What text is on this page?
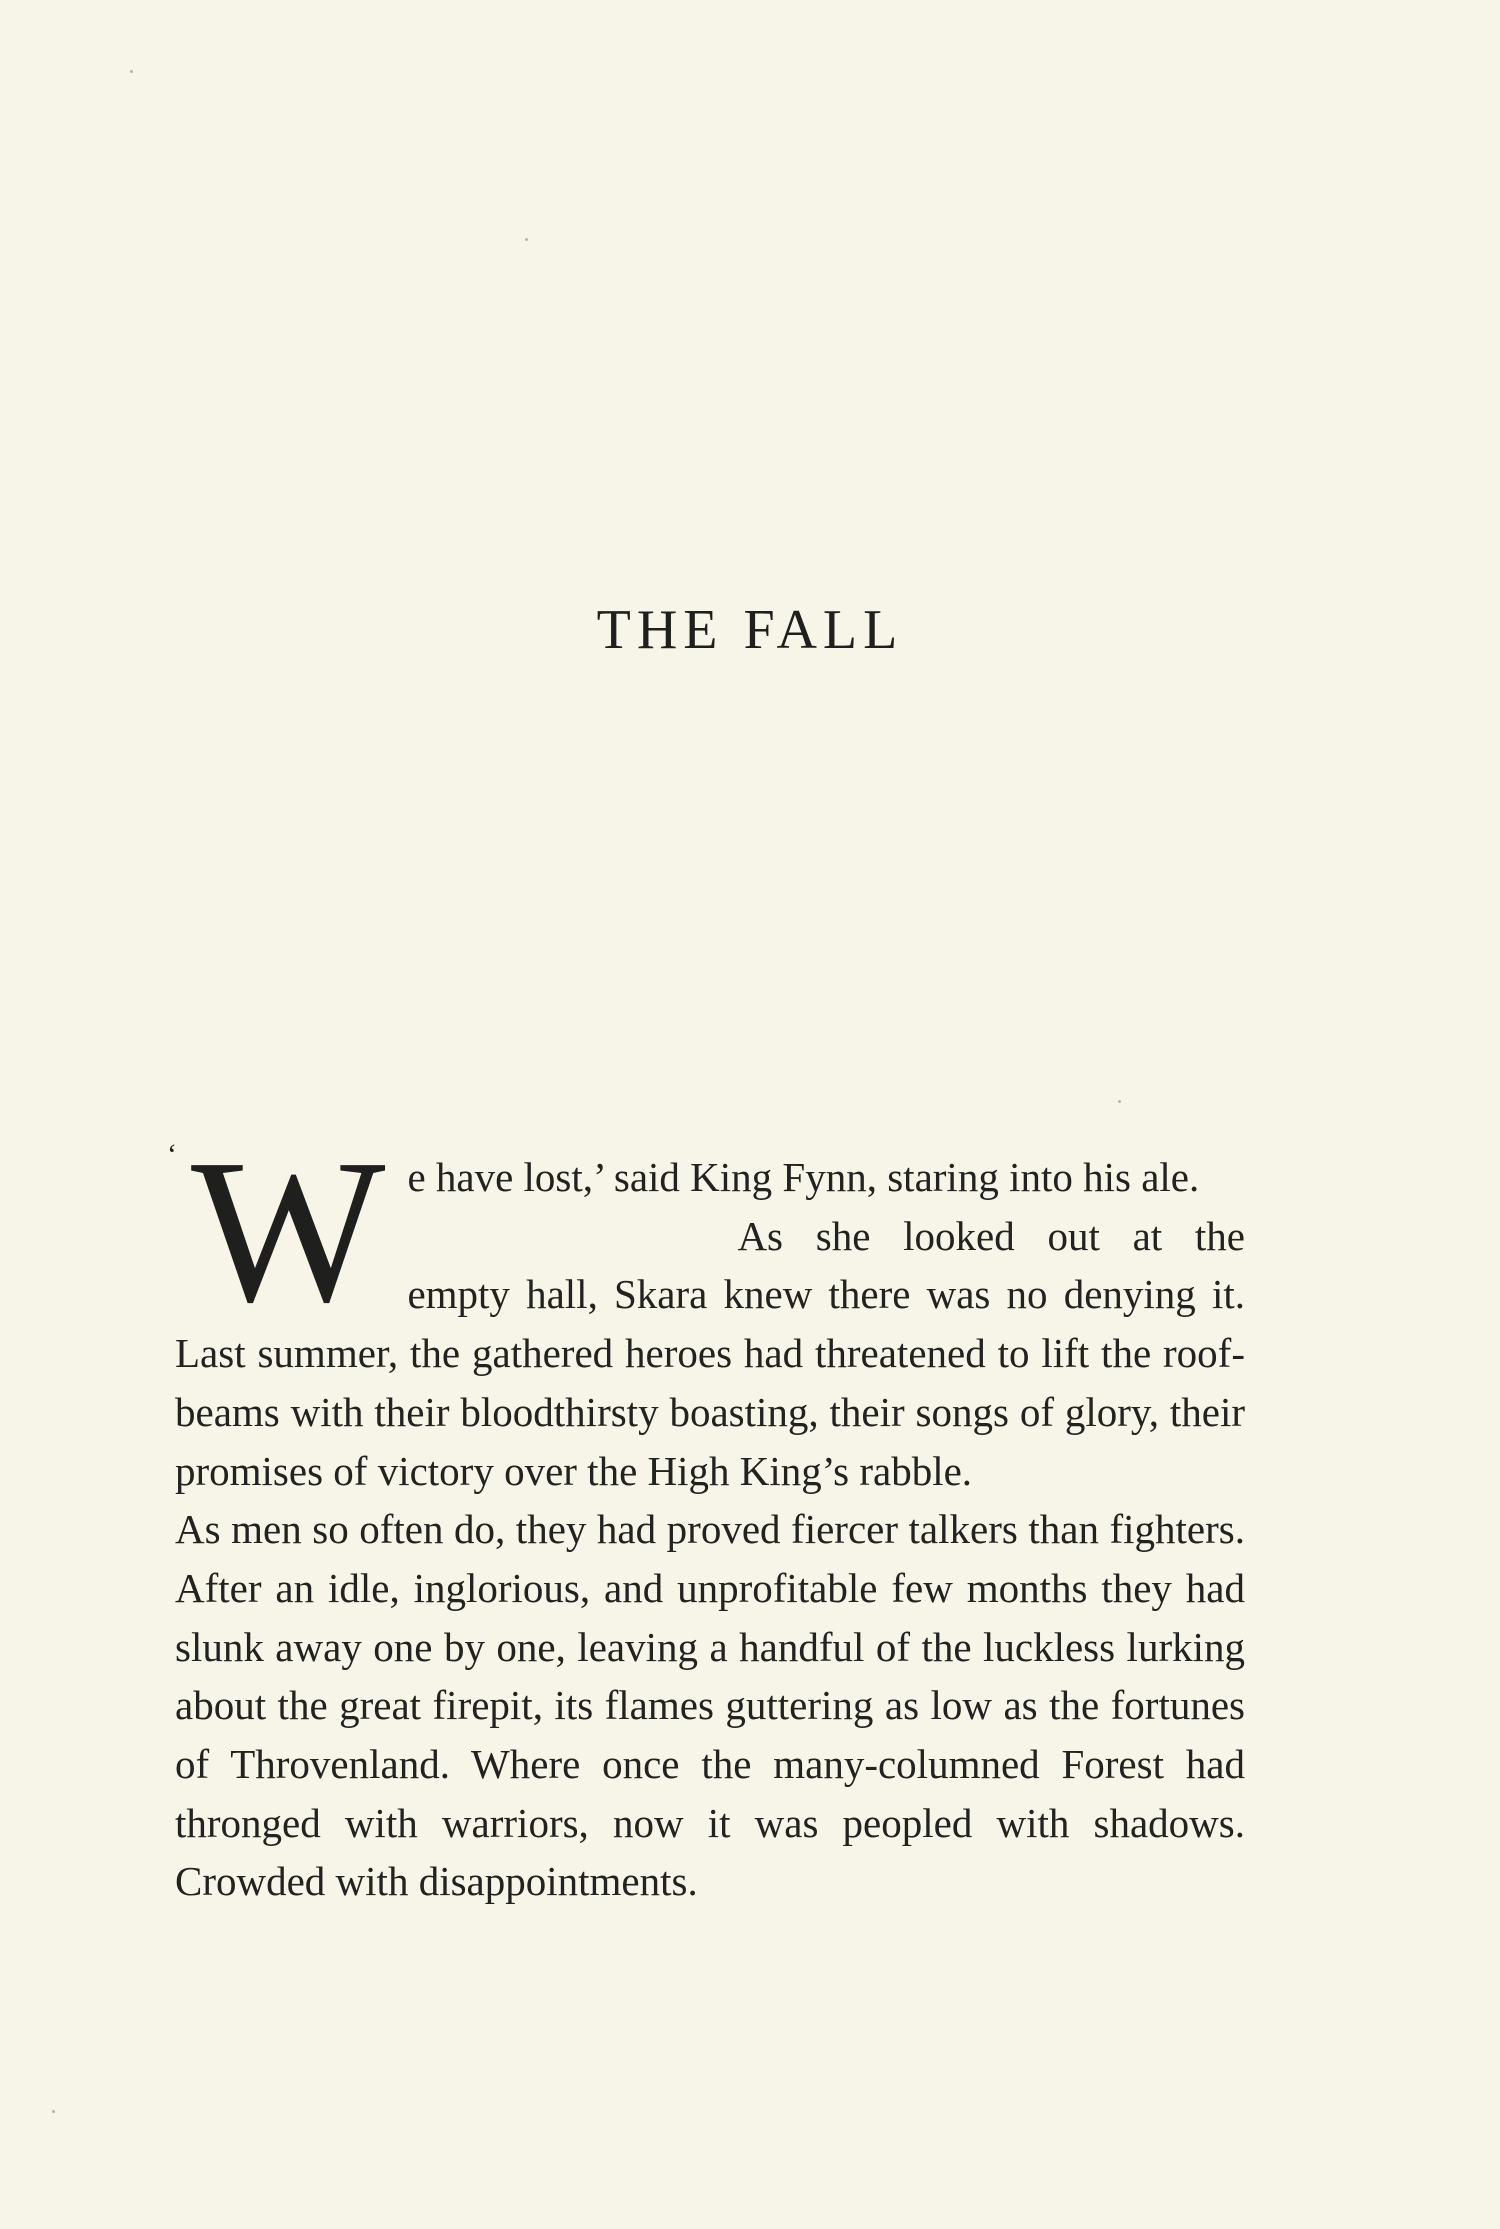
THE FALL

‘ W e have lost,’ said King Fynn, staring into his ale.

As she looked out at the empty hall, Skara knew there was no denying it. Last summer, the gathered heroes had threatened to lift the roof-beams with their bloodthirsty boasting, their songs of glory, their promises of victory over the High King’s rabble.

As men so often do, they had proved fiercer talkers than fighters. After an idle, inglorious, and unprofitable few months they had slunk away one by one, leaving a handful of the luckless lurking about the great firepit, its flames guttering as low as the fortunes of Throvenland. Where once the many-columned Forest had thronged with warriors, now it was peopled with shadows. Crowded with disappointments.
